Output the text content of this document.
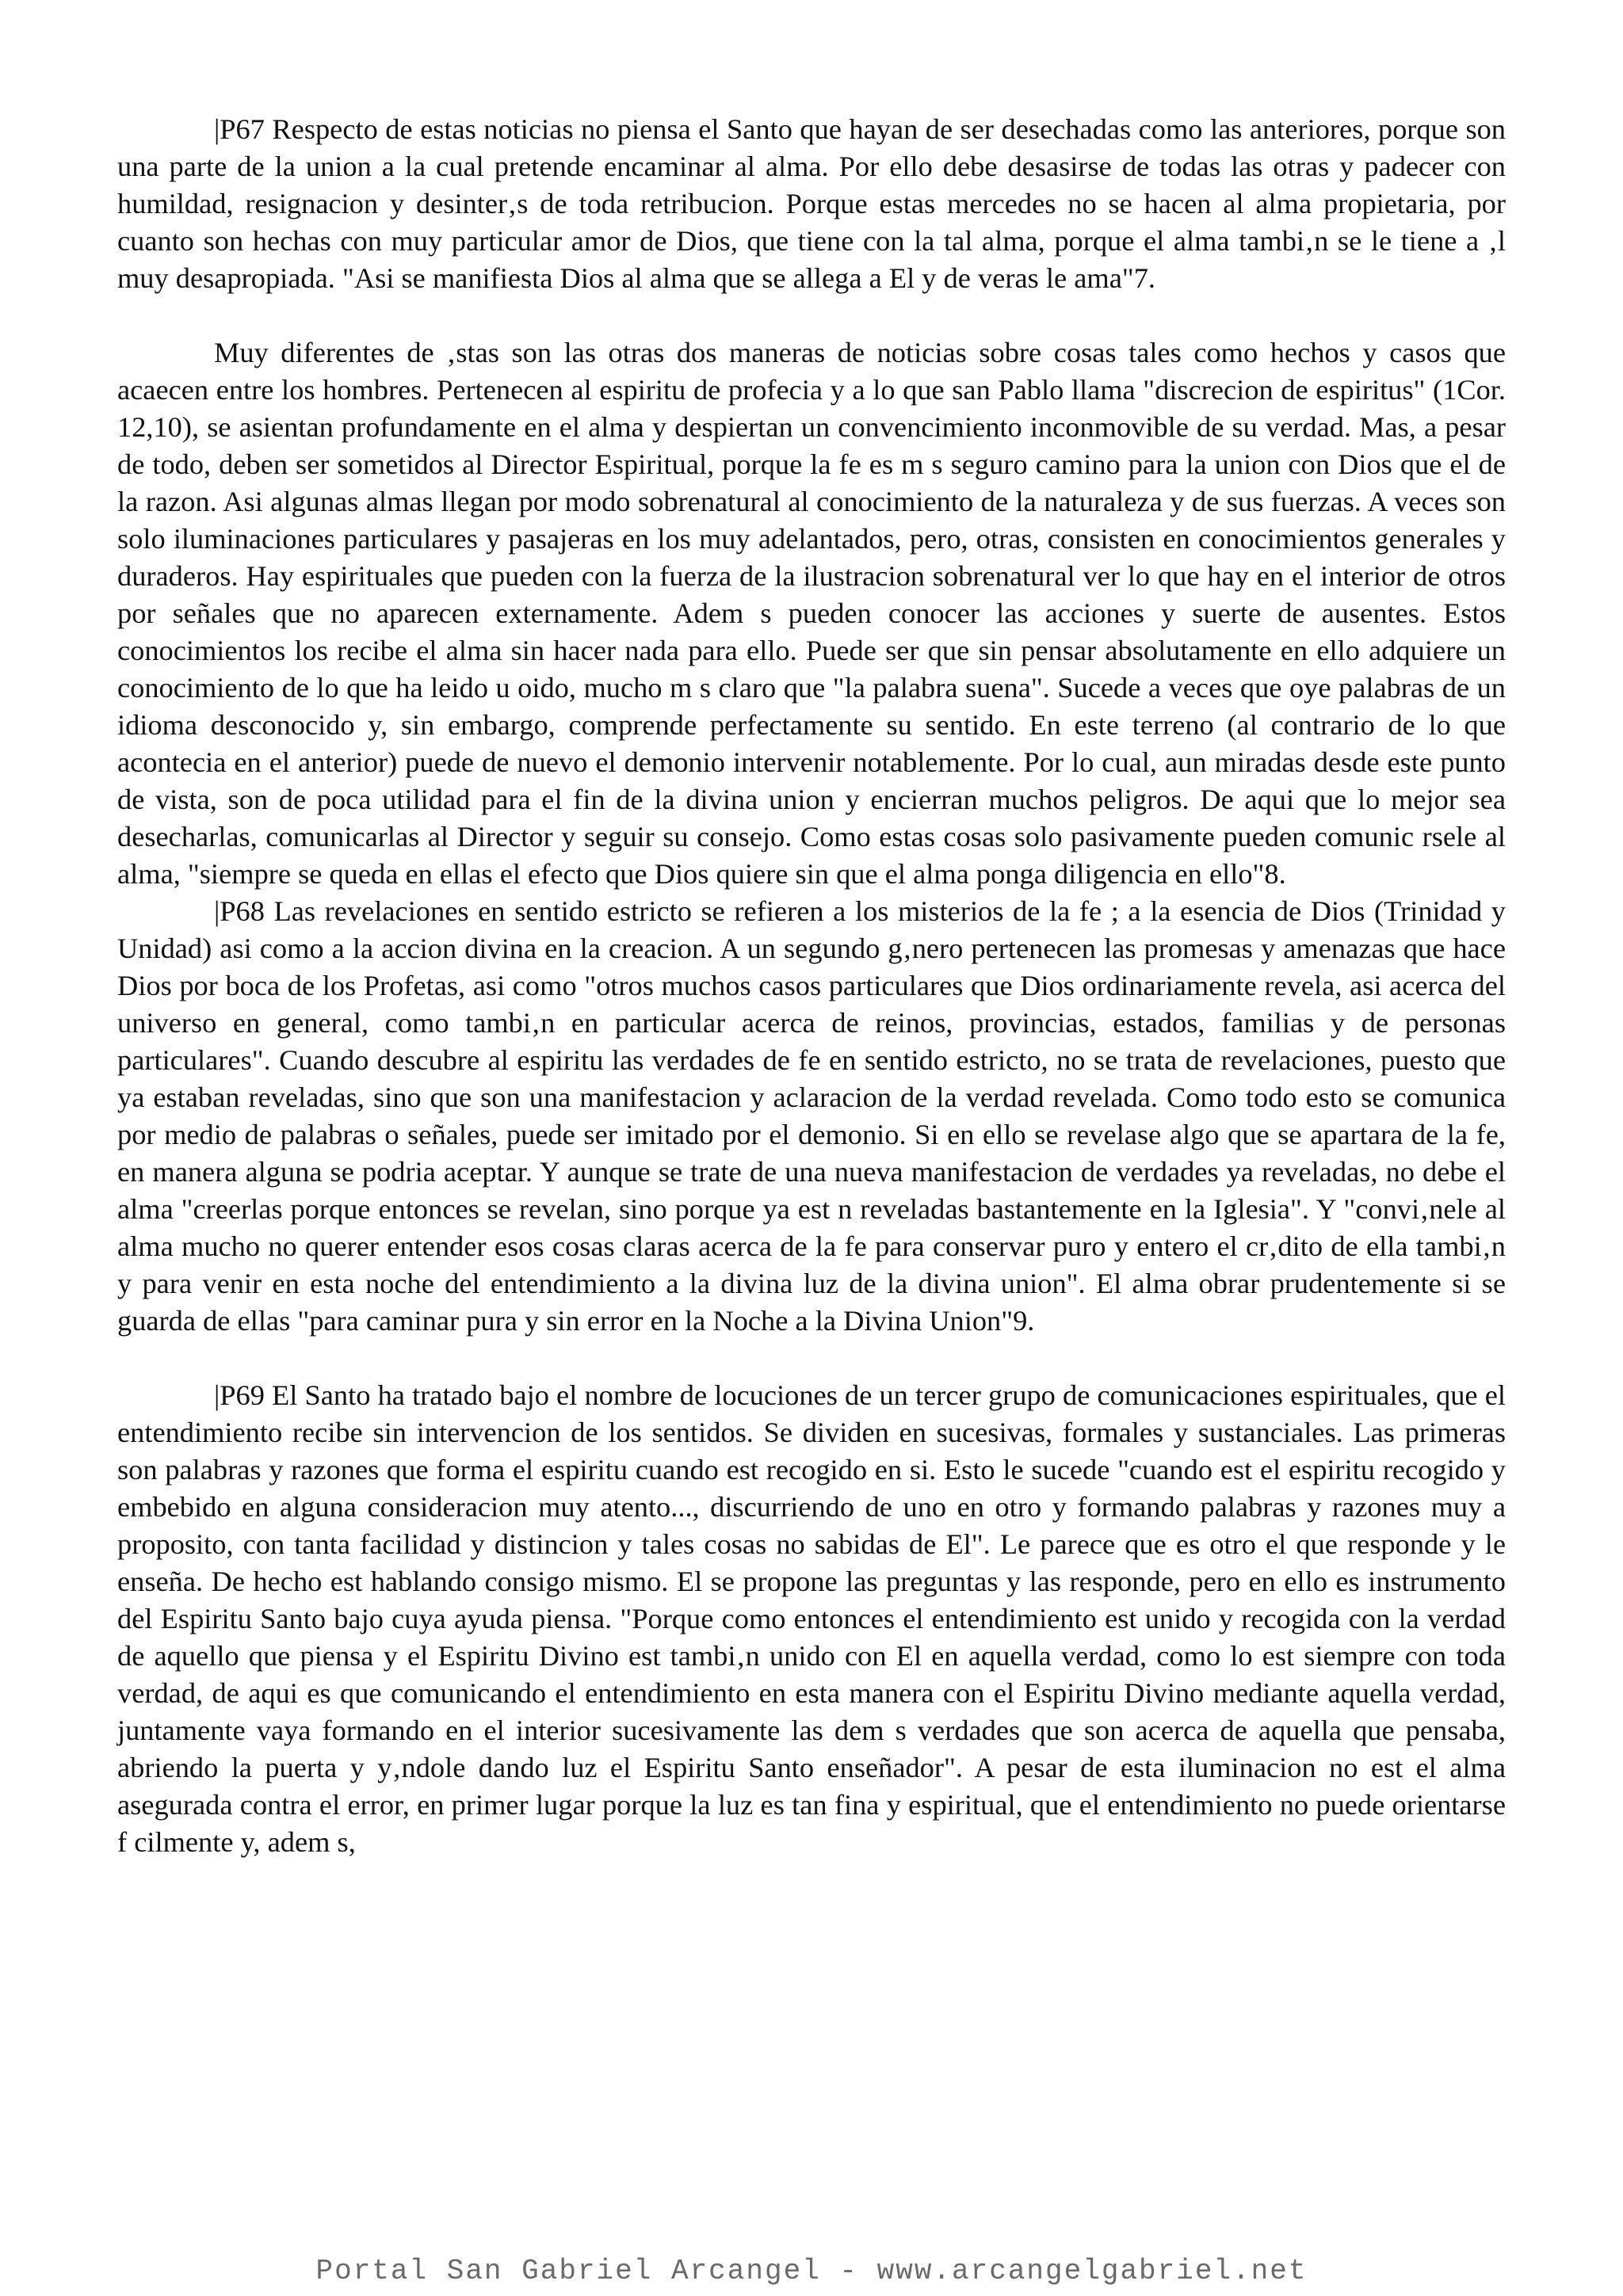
|P67 Respecto de estas noticias no piensa el Santo que hayan de ser desechadas como las anteriores, porque son una parte de la union a la cual pretende encaminar al alma. Por ello debe desasirse de todas las otras y padecer con humildad, resignacion y desinter‚s de toda retribucion. Porque estas mercedes no se hacen al alma propietaria, por cuanto son hechas con muy particular amor de Dios, que tiene con la tal alma, porque el alma tambi‚n se le tiene a ‚l muy desapropiada. "Asi se manifiesta Dios al alma que se allega a El y de veras le ama"7.

Muy diferentes de ‚stas son las otras dos maneras de noticias sobre cosas tales como hechos y casos que acaecen entre los hombres. Pertenecen al espiritu de profecia y a lo que san Pablo llama "discrecion de espiritus" (1Cor. 12,10), se asientan profundamente en el alma y despiertan un convencimiento inconmovible de su verdad. Mas, a pesar de todo, deben ser sometidos al Director Espiritual, porque la fe es m s seguro camino para la union con Dios que el de la razon. Asi algunas almas llegan por modo sobrenatural al conocimiento de la naturaleza y de sus fuerzas. A veces son solo iluminaciones particulares y pasajeras en los muy adelantados, pero, otras, consisten en conocimientos generales y duraderos. Hay espirituales que pueden con la fuerza de la ilustracion sobrenatural ver lo que hay en el interior de otros por señales que no aparecen externamente. Adem s pueden conocer las acciones y suerte de ausentes. Estos conocimientos los recibe el alma sin hacer nada para ello. Puede ser que sin pensar absolutamente en ello adquiere un conocimiento de lo que ha leido u oido, mucho m s claro que "la palabra suena". Sucede a veces que oye palabras de un idioma desconocido y, sin embargo, comprende perfectamente su sentido. En este terreno (al contrario de lo que acontecia en el anterior) puede de nuevo el demonio intervenir notablemente. Por lo cual, aun miradas desde este punto de vista, son de poca utilidad para el fin de la divina union y encierran muchos peligros. De aqui que lo mejor sea desecharlas, comunicarlas al Director y seguir su consejo. Como estas cosas solo pasivamente pueden comunic rsele al alma, "siempre se queda en ellas el efecto que Dios quiere sin que el alma ponga diligencia en ello"8.

|P68 Las revelaciones en sentido estricto se refieren a los misterios de la fe ; a la esencia de Dios (Trinidad y Unidad) asi como a la accion divina en la creacion. A un segundo g‚nero pertenecen las promesas y amenazas que hace Dios por boca de los Profetas, asi como "otros muchos casos particulares que Dios ordinariamente revela, asi acerca del universo en general, como tambi‚n en particular acerca de reinos, provincias, estados, familias y de personas particulares". Cuando descubre al espiritu las verdades de fe en sentido estricto, no se trata de revelaciones, puesto que ya estaban reveladas, sino que son una manifestacion y aclaracion de la verdad revelada. Como todo esto se comunica por medio de palabras o señales, puede ser imitado por el demonio. Si en ello se revelase algo que se apartara de la fe, en manera alguna se podria aceptar. Y aunque se trate de una nueva manifestacion de verdades ya reveladas, no debe el alma "creerlas porque entonces se revelan, sino porque ya est n reveladas bastantemente en la Iglesia". Y "convi‚nele al alma mucho no querer entender esos cosas claras acerca de la fe para conservar puro y entero el cr‚dito de ella tambi‚n y para venir en esta noche del entendimiento a la divina luz de la divina union". El alma obrar prudentemente si se guarda de ellas "para caminar pura y sin error en la Noche a la Divina Union"9.

|P69 El Santo ha tratado bajo el nombre de locuciones de un tercer grupo de comunicaciones espirituales, que el entendimiento recibe sin intervencion de los sentidos. Se dividen en sucesivas, formales y sustanciales. Las primeras son palabras y razones que forma el espiritu cuando est recogido en si. Esto le sucede "cuando est el espiritu recogido y embebido en alguna consideracion muy atento..., discurriendo de uno en otro y formando palabras y razones muy a proposito, con tanta facilidad y distincion y tales cosas no sabidas de El". Le parece que es otro el que responde y le enseña. De hecho est hablando consigo mismo. El se propone las preguntas y las responde, pero en ello es instrumento del Espiritu Santo bajo cuya ayuda piensa. "Porque como entonces el entendimiento est unido y recogida con la verdad de aquello que piensa y el Espiritu Divino est tambi‚n unido con El en aquella verdad, como lo est siempre con toda verdad, de aqui es que comunicando el entendimiento en esta manera con el Espiritu Divino mediante aquella verdad, juntamente vaya formando en el interior sucesivamente las dem s verdades que son acerca de aquella que pensaba, abriendo la puerta y y‚ndole dando luz el Espiritu Santo enseñador". A pesar de esta iluminacion no est el alma asegurada contra el error, en primer lugar porque la luz es tan fina y espiritual, que el entendimiento no puede orientarse f cilmente y, adem s,

Portal San Gabriel Arcangel - www.arcangelgabriel.net
